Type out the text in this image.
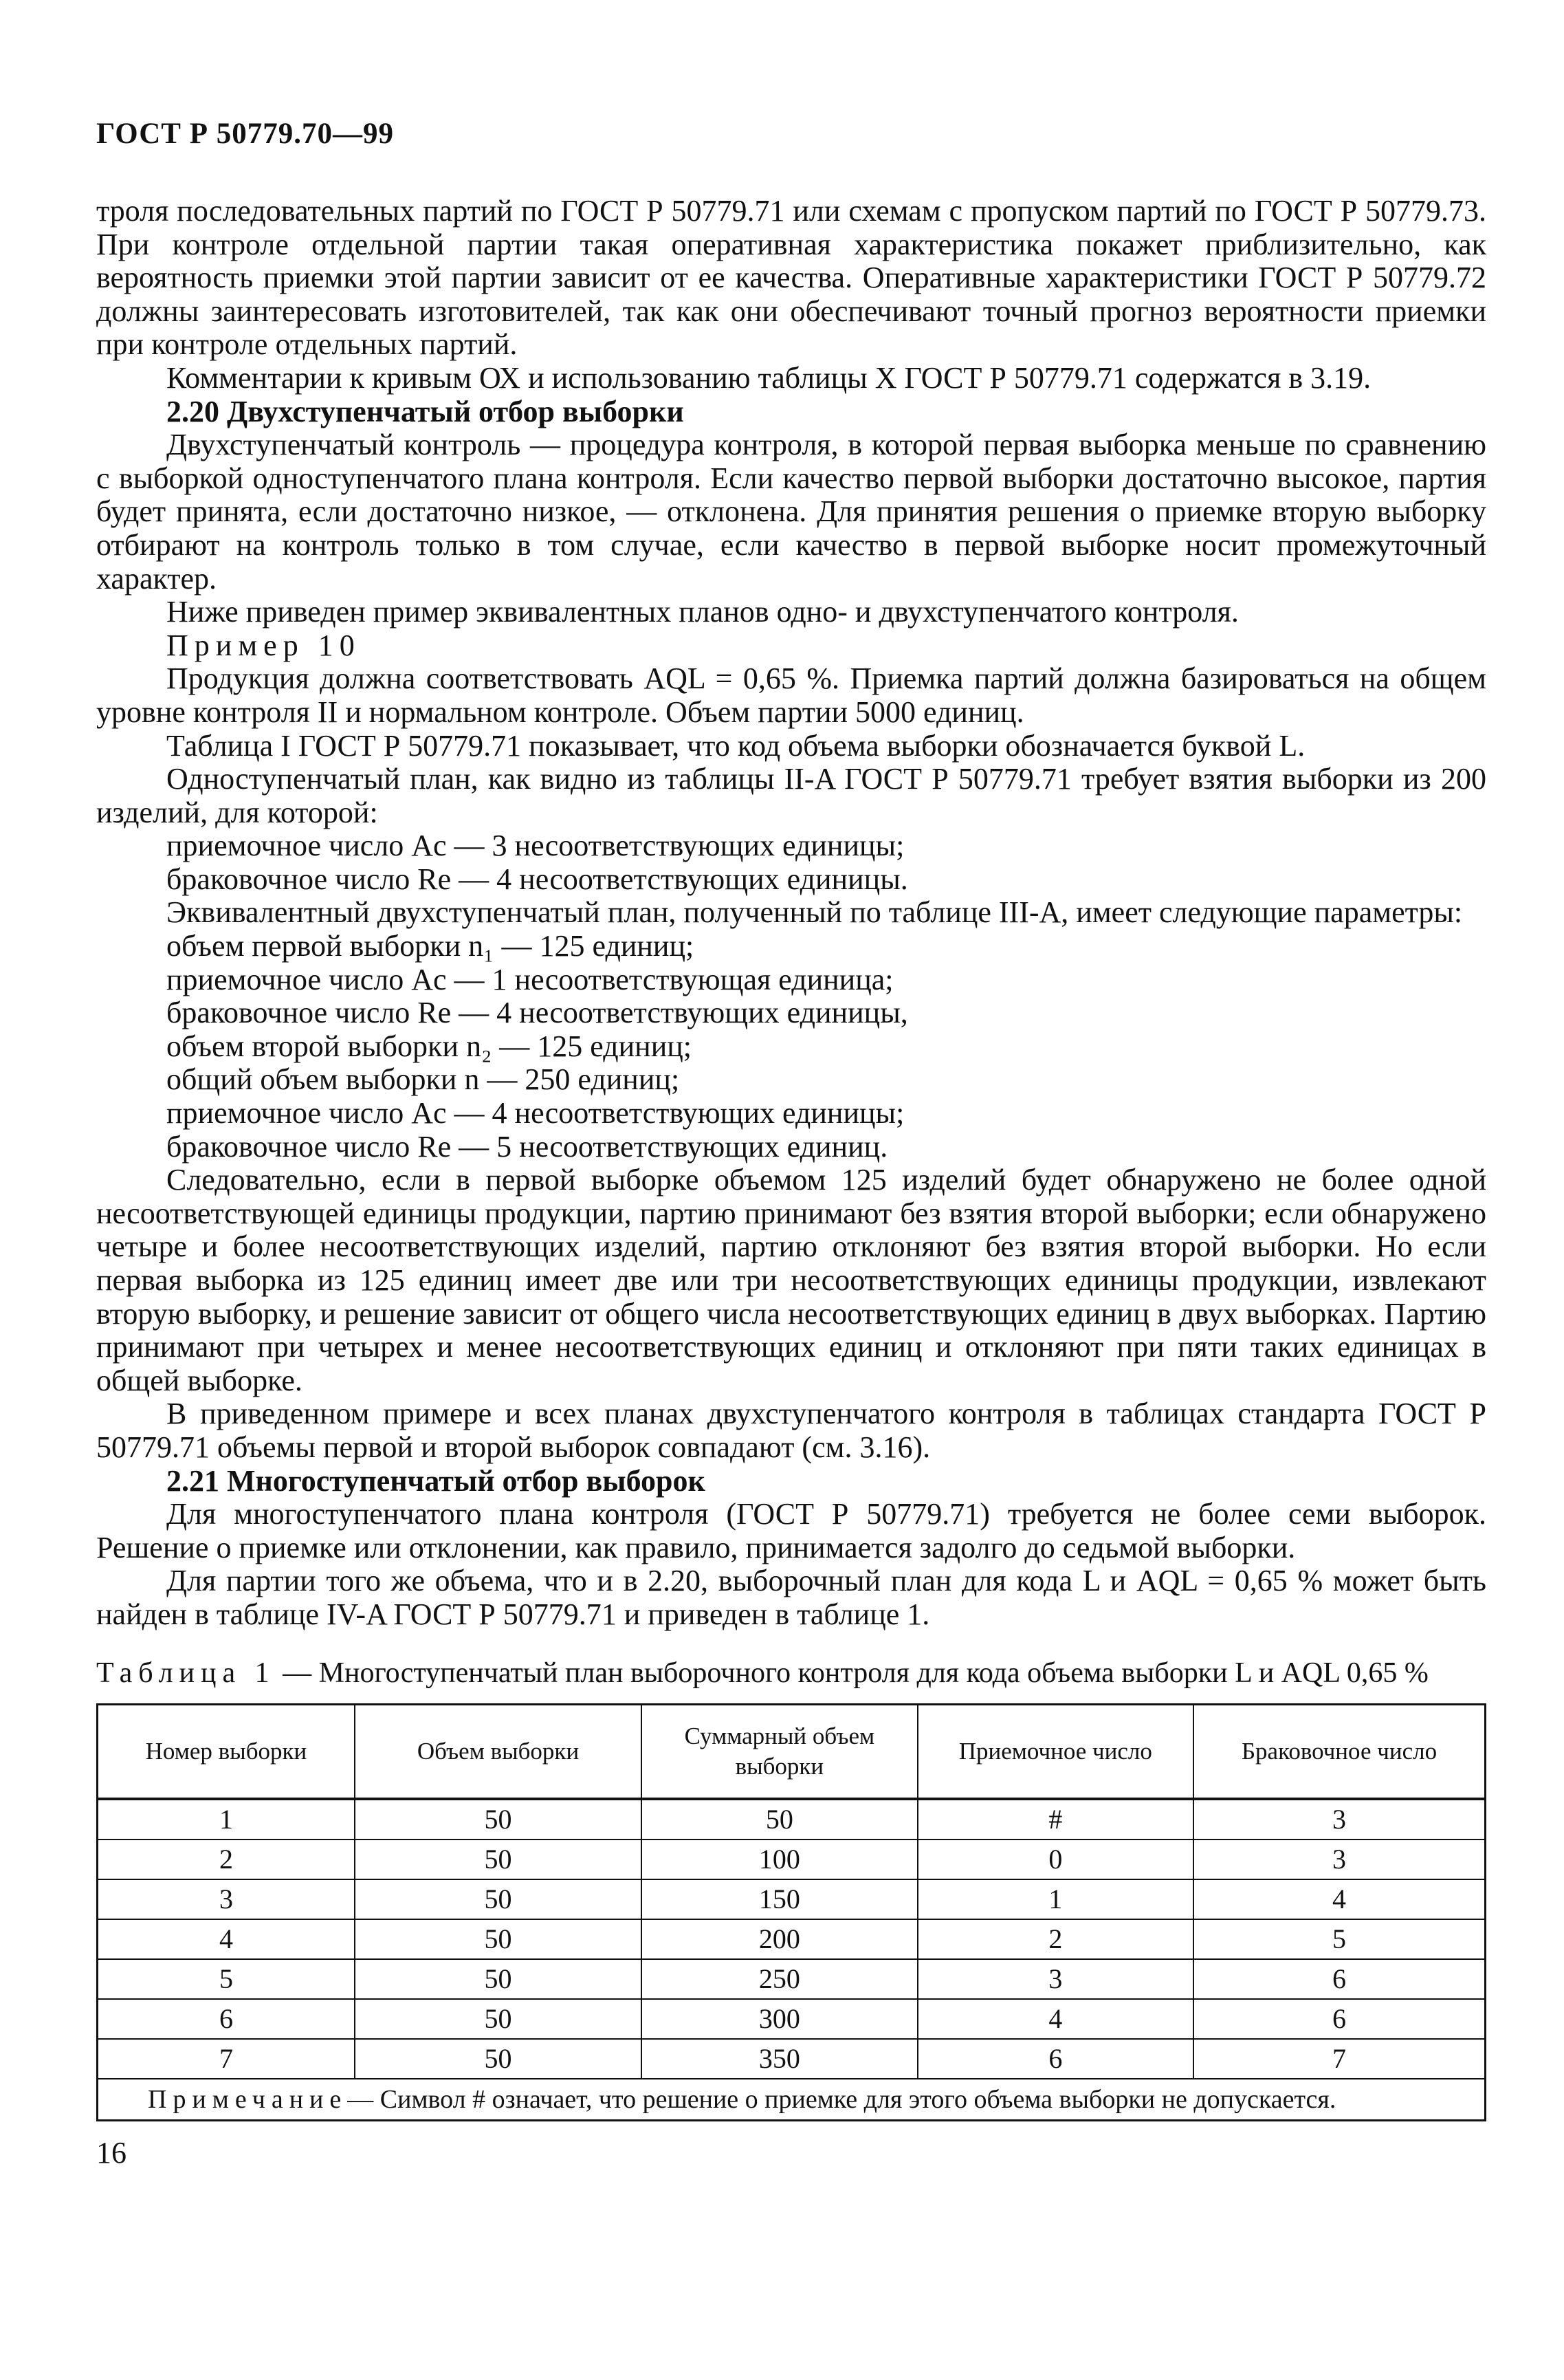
ГОСТ Р 50779.70—99

троля последовательных партий по ГОСТ Р 50779.71 или схемам с пропуском партий по ГОСТ Р 50779.73. При контроле отдельной партии такая оперативная характеристика покажет приблизительно, как вероятность приемки этой партии зависит от ее качества. Оперативные характеристики ГОСТ Р 50779.72 должны заинтересовать изготовителей, так как они обеспечивают точный прогноз вероятности приемки при контроле отдельных партий.

Комментарии к кривым ОХ и использованию таблицы Х ГОСТ Р 50779.71 содержатся в 3.19.

2.20 Двухступенчатый отбор выборки

Двухступенчатый контроль — процедура контроля, в которой первая выборка меньше по сравнению с выборкой одноступенчатого плана контроля. Если качество первой выборки достаточно высокое, партия будет принята, если достаточно низкое, — отклонена. Для принятия решения о приемке вторую выборку отбирают на контроль только в том случае, если качество в первой выборке носит промежуточный характер.

Ниже приведен пример эквивалентных планов одно- и двухступенчатого контроля.

Пример 10

Продукция должна соответствовать AQL = 0,65 %. Приемка партий должна базироваться на общем уровне контроля II и нормальном контроле. Объем партии 5000 единиц.

Таблица I ГОСТ Р 50779.71 показывает, что код объема выборки обозначается буквой L.

Одноступенчатый план, как видно из таблицы II-A ГОСТ Р 50779.71 требует взятия выборки из 200 изделий, для которой:

приемочное число Ac — 3 несоответствующих единицы;

браковочное число Re — 4 несоответствующих единицы.

Эквивалентный двухступенчатый план, полученный по таблице III-A, имеет следующие параметры:

объем первой выборки n₁ — 125 единиц;

приемочное число Ac — 1 несоответствующая единица;

браковочное число Re — 4 несоответствующих единицы,

объем второй выборки n₂ — 125 единиц;

общий объем выборки n — 250 единиц;

приемочное число Ac — 4 несоответствующих единицы;

браковочное число Re — 5 несоответствующих единиц.

Следовательно, если в первой выборке объемом 125 изделий будет обнаружено не более одной несоответствующей единицы продукции, партию принимают без взятия второй выборки; если обнаружено четыре и более несоответствующих изделий, партию отклоняют без взятия второй выборки. Но если первая выборка из 125 единиц имеет две или три несоответствующих единицы продукции, извлекают вторую выборку, и решение зависит от общего числа несоответствующих единиц в двух выборках. Партию принимают при четырех и менее несоответствующих единиц и отклоняют при пяти таких единицах в общей выборке.

В приведенном примере и всех планах двухступенчатого контроля в таблицах стандарта ГОСТ Р 50779.71 объемы первой и второй выборок совпадают (см. 3.16).

2.21 Многоступенчатый отбор выборок

Для многоступенчатого плана контроля (ГОСТ Р 50779.71) требуется не более семи выборок. Решение о приемке или отклонении, как правило, принимается задолго до седьмой выборки.

Для партии того же объема, что и в 2.20, выборочный план для кода L и AQL = 0,65 % может быть найден в таблице IV-A ГОСТ Р 50779.71 и приведен в таблице 1.

Таблица 1 — Многоступенчатый план выборочного контроля для кода объема выборки L и AQL 0,65 %

Номер выборки	Объем выборки	Суммарный объем выборки	Приемочное число	Браковочное число
1	50	50	#	3
2	50	100	0	3
3	50	150	1	4
4	50	200	2	5
5	50	250	3	6
6	50	300	4	6
7	50	350	6	7
Примечание— Символ # означает, что решение о приемке для этого объема выборки не допускается.				
16
